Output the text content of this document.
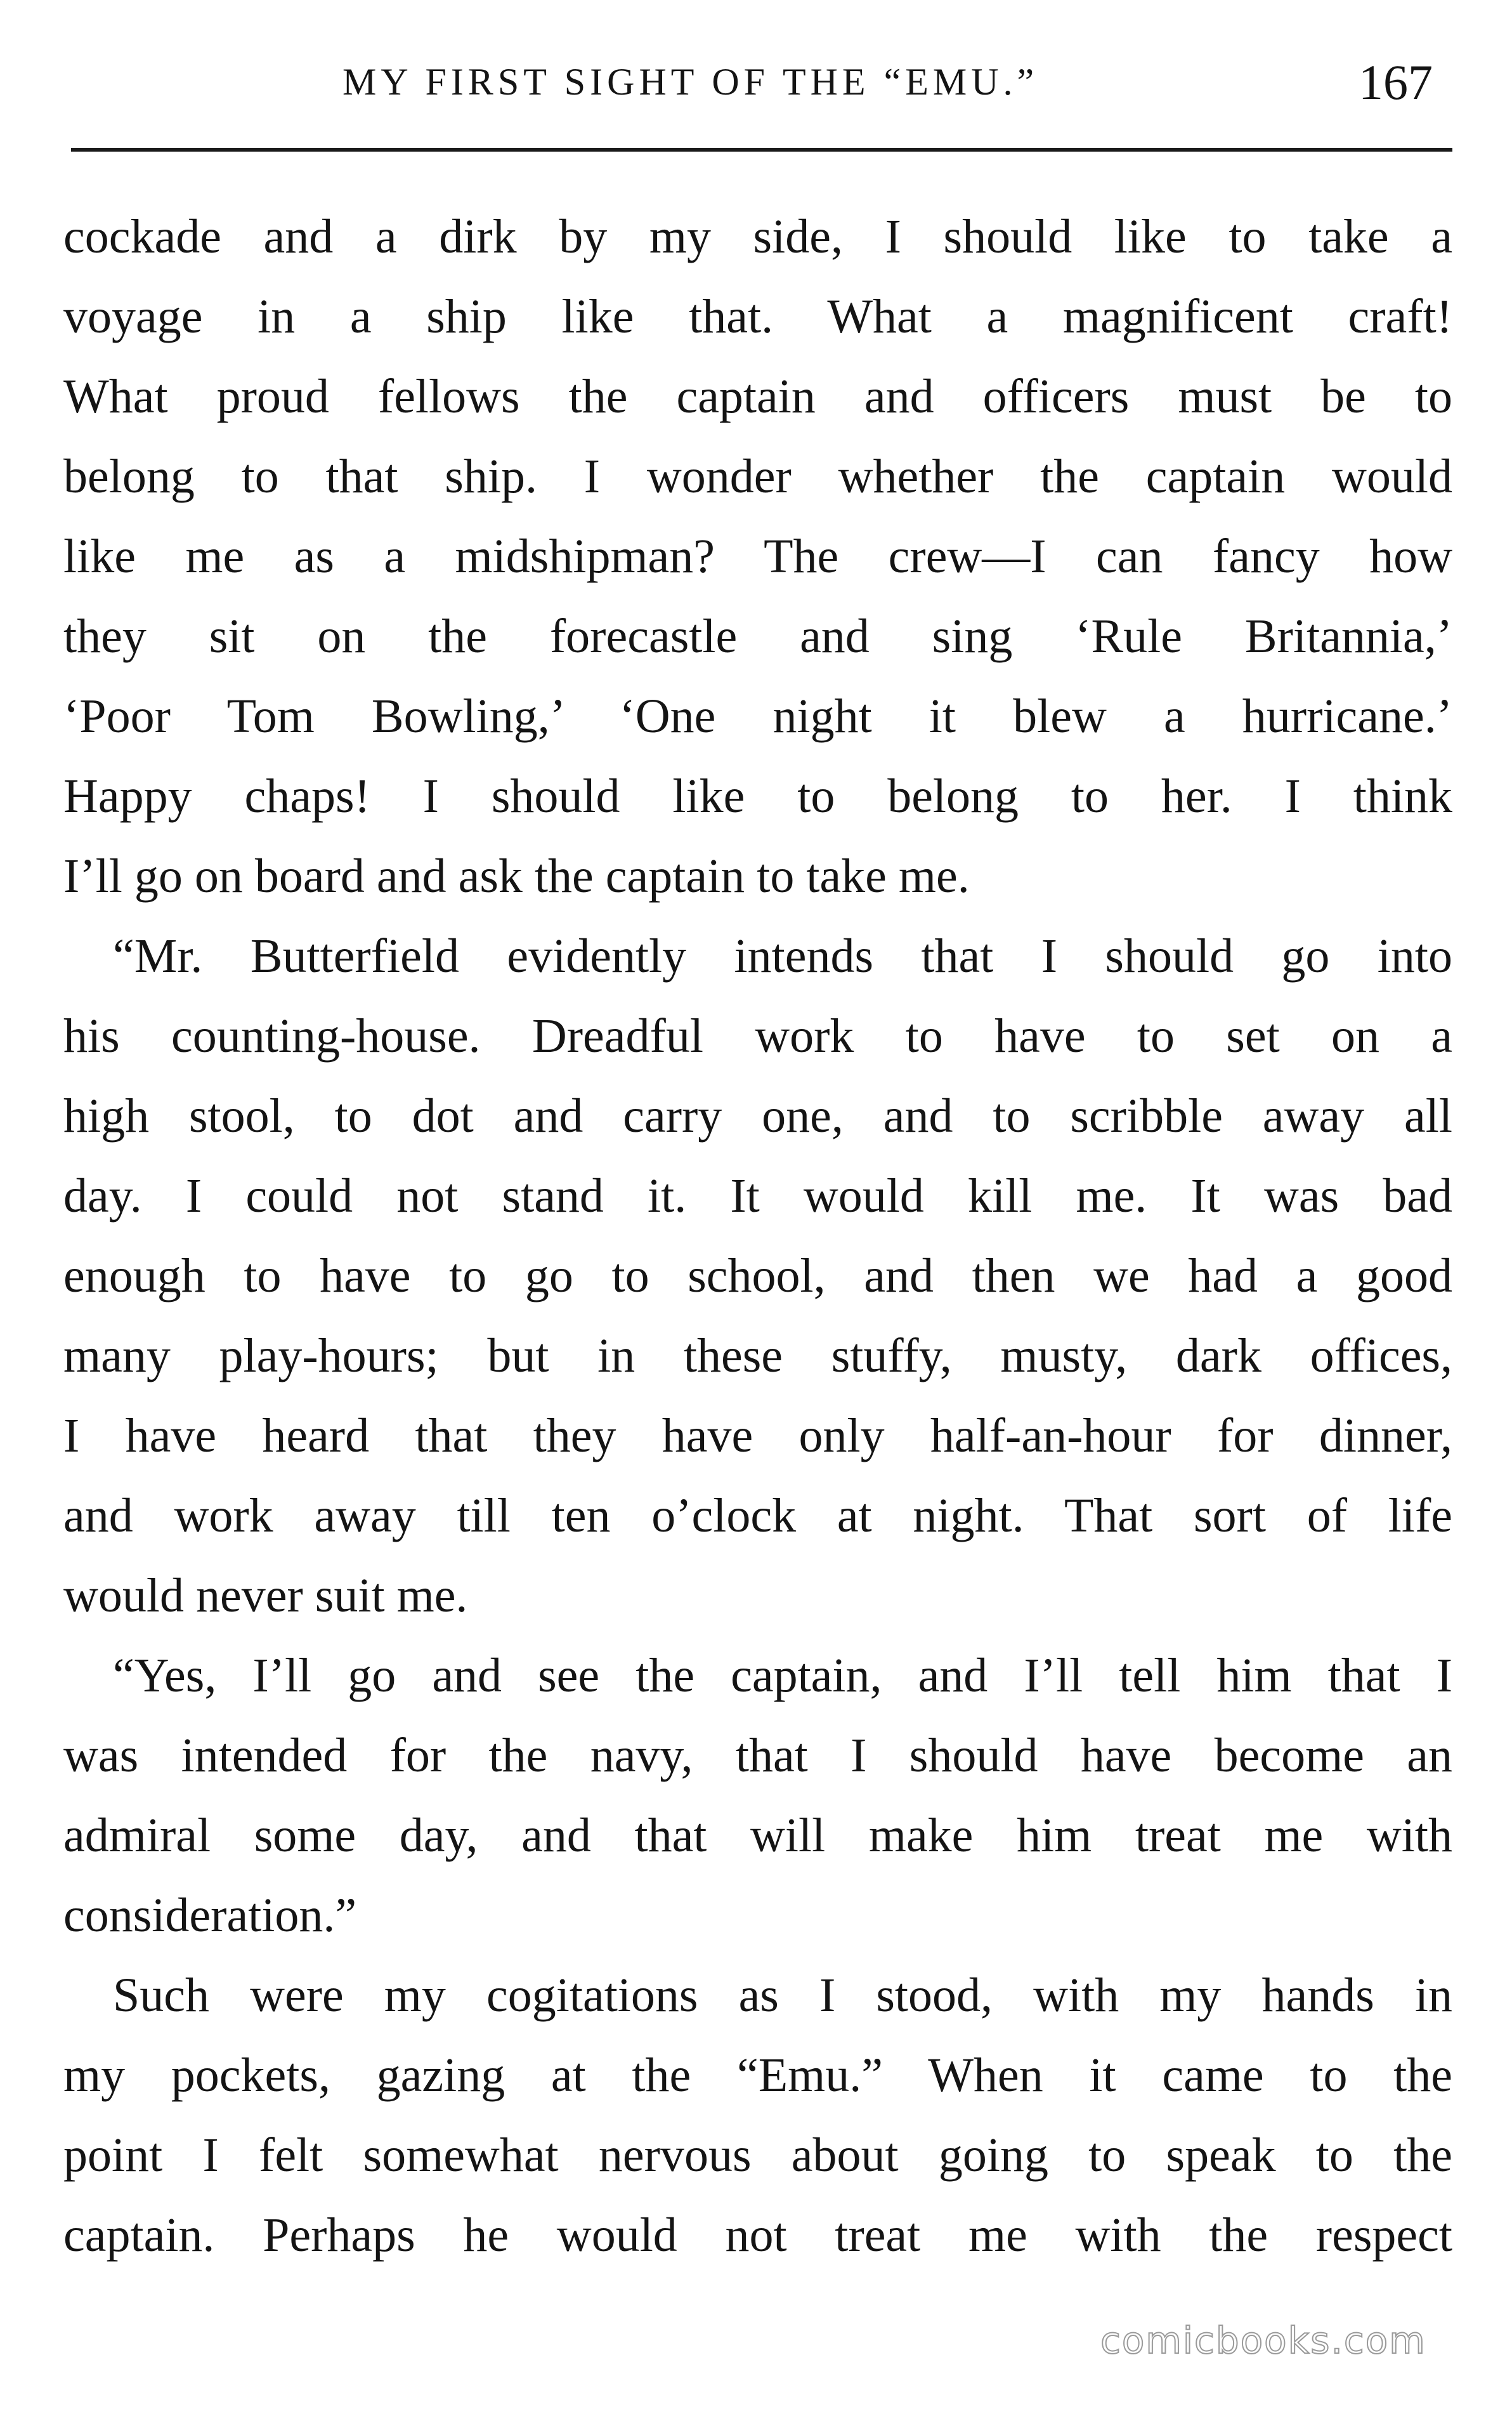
MY FIRST SIGHT OF THE “EMU.”	167
cockade and a dirk by my side, I should like to take a
voyage in a ship like that. What a magnificent craft!
What proud fellows the captain and officers must be to
belong to that ship. I wonder whether the captain would
like me as a midshipman? The crew—I can fancy how
they sit on the forecastle and sing ‘Rule Britannia,’
‘Poor Tom Bowling,’ ‘One night it blew a hurricane.’
Happy chaps! I should like to belong to her. I think
I’ll go on board and ask the captain to take me.
“Mr. Butterfield evidently intends that I should go into
his counting-house. Dreadful work to have to set on a
high stool, to dot and carry one, and to scribble away all
day. I could not stand it. It would kill me. It was bad
enough to have to go to school, and then we had a good
many play-hours; but in these stuffy, musty, dark offices,
I have heard that they have only half-an-hour for dinner,
and work away till ten o’clock at night. That sort of life
would never suit me.
“Yes, I’ll go and see the captain, and I’ll tell him that I
was intended for the navy, that I should have become an
admiral some day, and that will make him treat me with
consideration.”
Such were my cogitations as I stood, with my hands in
my pockets, gazing at the “Emu.” When it came to the
point I felt somewhat nervous about going to speak to the
captain. Perhaps he would not treat me with the respect
comicbooks.com
